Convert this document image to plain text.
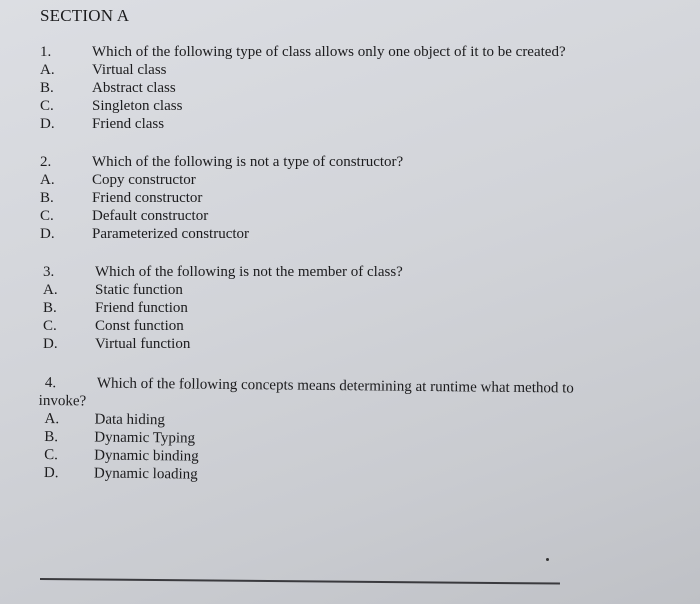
SECTION A
1.	Which of the following type of class allows only one object of it to be created?
A.	Virtual class
B.	Abstract class
C.	Singleton class
D.	Friend class
2.	Which of the following is not a type of constructor?
A.	Copy constructor
B.	Friend constructor
C.	Default constructor
D.	Parameterized constructor
3.	Which of the following is not the member of class?
A.	Static function
B.	Friend function
C.	Const function
D.	Virtual function
4.	Which of the following concepts means determining at runtime what method to
invoke?
A.	Data hiding
B.	Dynamic Typing
C.	Dynamic binding
D.	Dynamic loading
